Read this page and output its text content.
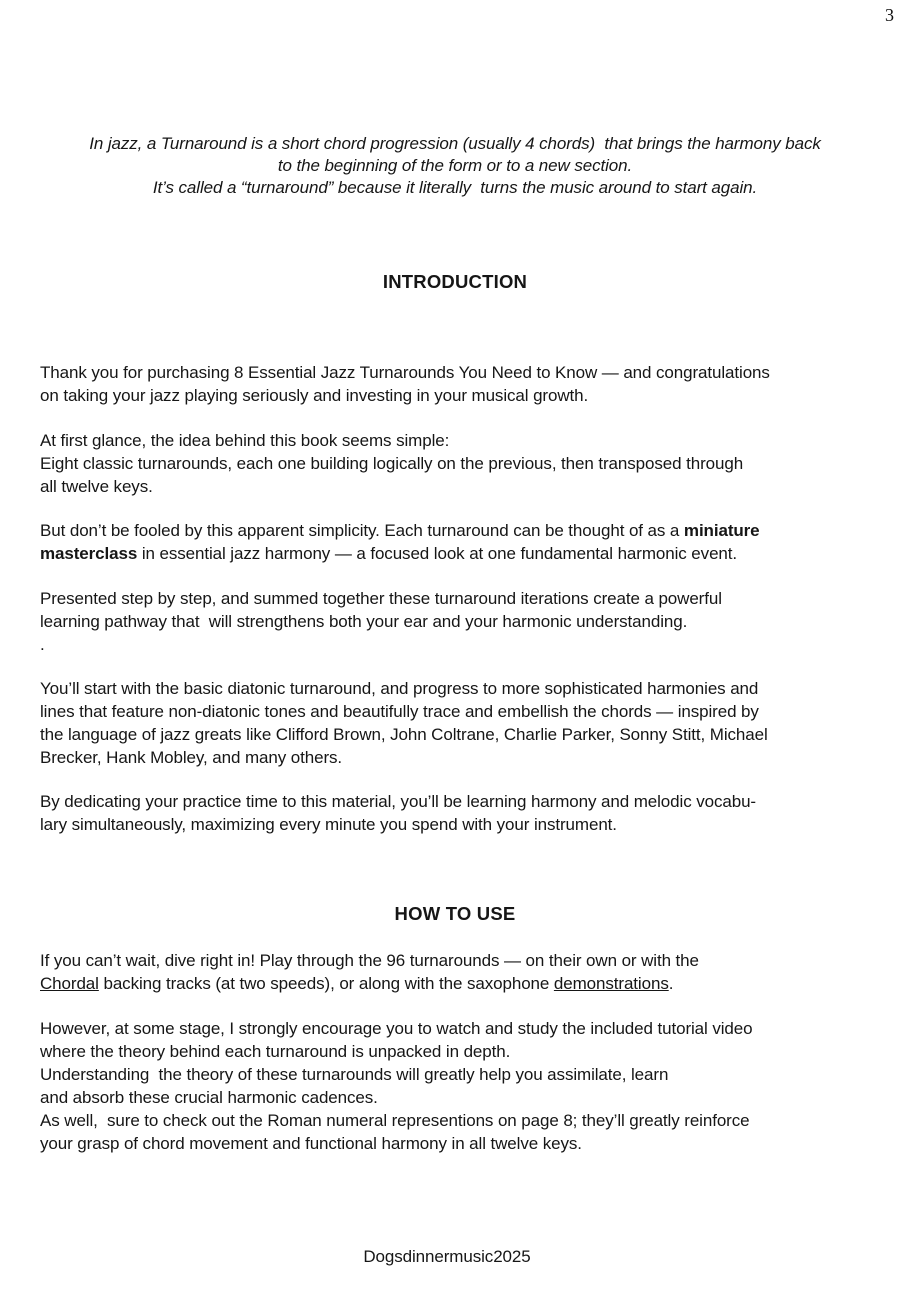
3
In jazz, a Turnaround is a short chord progression (usually 4 chords)  that brings the harmony back
to the beginning of the form or to a new section.
It’s called a “turnaround” because it literally  turns the music around to start again.
INTRODUCTION
Thank you for purchasing 8 Essential Jazz Turnarounds You Need to Know — and congratulations
on taking your jazz playing seriously and investing in your musical growth.
At first glance, the idea behind this book seems simple:
Eight classic turnarounds, each one building logically on the previous, then transposed through
all twelve keys.
But don’t be fooled by this apparent simplicity. Each turnaround can be thought of as a miniature
masterclass in essential jazz harmony — a focused look at one fundamental harmonic event.
Presented step by step, and summed together these turnaround iterations create a powerful
learning pathway that  will strengthens both your ear and your harmonic understanding.
.
You’ll start with the basic diatonic turnaround, and progress to more sophisticated harmonies and
lines that feature non-diatonic tones and beautifully trace and embellish the chords — inspired by
the language of jazz greats like Clifford Brown, John Coltrane, Charlie Parker, Sonny Stitt, Michael
Brecker, Hank Mobley, and many others.
By dedicating your practice time to this material, you’ll be learning harmony and melodic vocabu-
lary simultaneously, maximizing every minute you spend with your instrument.
HOW TO USE
If you can’t wait, dive right in! Play through the 96 turnarounds — on their own or with the
Chordal backing tracks (at two speeds), or along with the saxophone demonstrations.
However, at some stage, I strongly encourage you to watch and study the included tutorial video
where the theory behind each turnaround is unpacked in depth.
Understanding  the theory of these turnarounds will greatly help you assimilate, learn
and absorb these crucial harmonic cadences.
As well,  sure to check out the Roman numeral representions on page 8; they’ll greatly reinforce
your grasp of chord movement and functional harmony in all twelve keys.
Dogsdinnermusic2025
